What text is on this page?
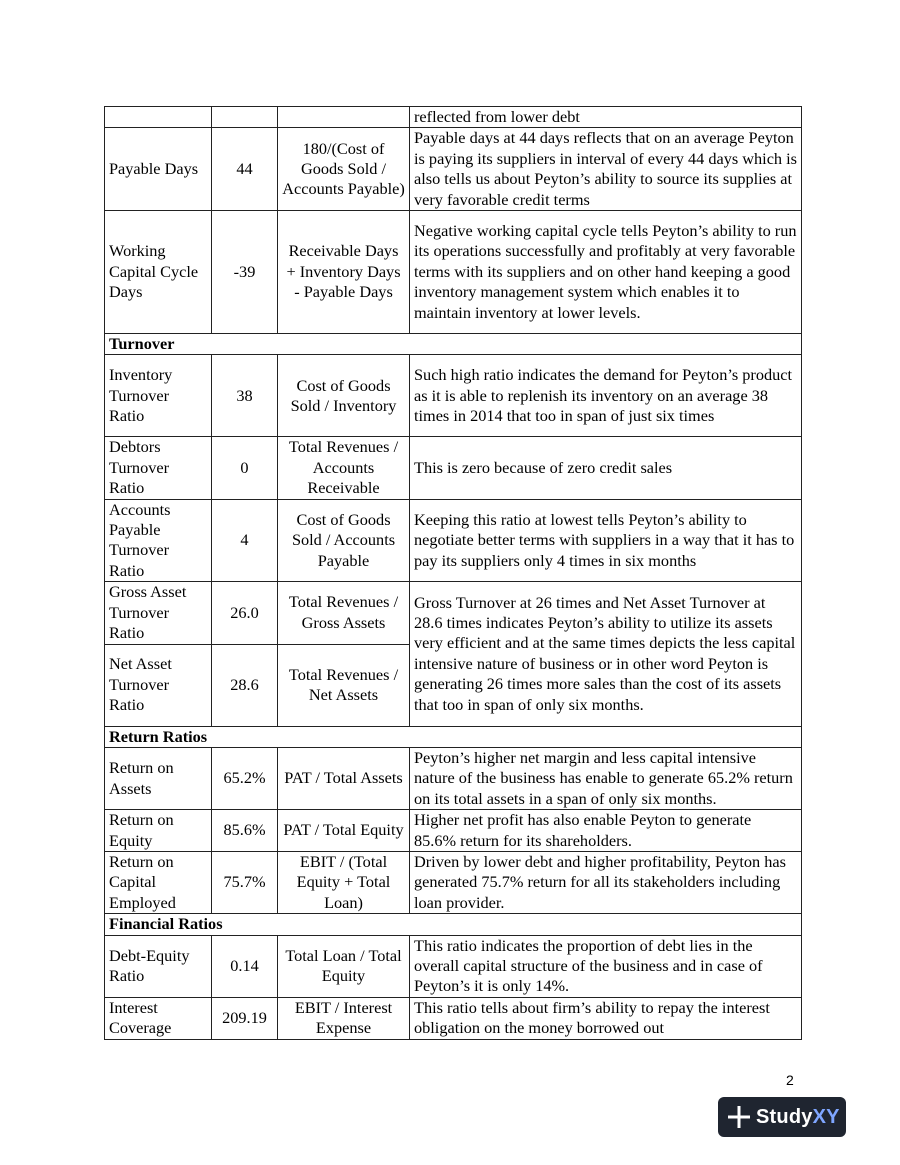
			reflected from lower debt
Payable Days	44	180/(Cost of Goods Sold / Accounts Payable)	Payable days at 44 days reflects that on an average Peyton is paying its suppliers in interval of every 44 days which is also tells us about Peyton’s ability to source its supplies at very favorable credit terms
Working Capital Cycle Days	-39	Receivable Days + Inventory Days - Payable Days	Negative working capital cycle tells Peyton’s ability to run its operations successfully and profitably at very favorable terms with its suppliers and on other hand keeping a good inventory management system which enables it to maintain inventory at lower levels.
Turnover			
Inventory Turnover Ratio	38	Cost of Goods Sold / Inventory	Such high ratio indicates the demand for Peyton’s product as it is able to replenish its inventory on an average 38 times in 2014 that too in span of just six times
Debtors Turnover Ratio	0	Total Revenues / Accounts Receivable	This is zero because of zero credit sales
Accounts Payable Turnover Ratio	4	Cost of Goods Sold / Accounts Payable	Keeping this ratio at lowest tells Peyton’s ability to negotiate better terms with suppliers in a way that it has to pay its suppliers only 4 times in six months
Gross Asset Turnover Ratio	26.0	Total Revenues / Gross Assets	Gross Turnover at 26 times and Net Asset Turnover at 28.6 times indicates Peyton’s ability to utilize its assets very efficient and at the same times depicts the less capital intensive nature of business or in other word Peyton is generating 26 times more sales than the cost of its assets that too in span of only six months.
Net Asset Turnover Ratio	28.6	Total Revenues / Net Assets	
Return Ratios			
Return on Assets	65.2%	PAT / Total Assets	Peyton’s higher net margin and less capital intensive nature of the business has enable to generate 65.2% return on its total assets in a span of only six months.
Return on Equity	85.6%	PAT / Total Equity	Higher net profit has also enable Peyton to generate 85.6% return for its shareholders.
Return on Capital Employed	75.7%	EBIT / (Total Equity + Total Loan)	Driven by lower debt and higher profitability, Peyton has generated 75.7% return for all its stakeholders including loan provider.
Financial Ratios			
Debt-Equity Ratio	0.14	Total Loan / Total Equity	This ratio indicates the proportion of debt lies in the overall capital structure of the business and in case of Peyton’s it is only 14%.
Interest Coverage	209.19	EBIT / Interest Expense	This ratio tells about firm’s ability to repay the interest obligation on the money borrowed out
2
StudyXY
